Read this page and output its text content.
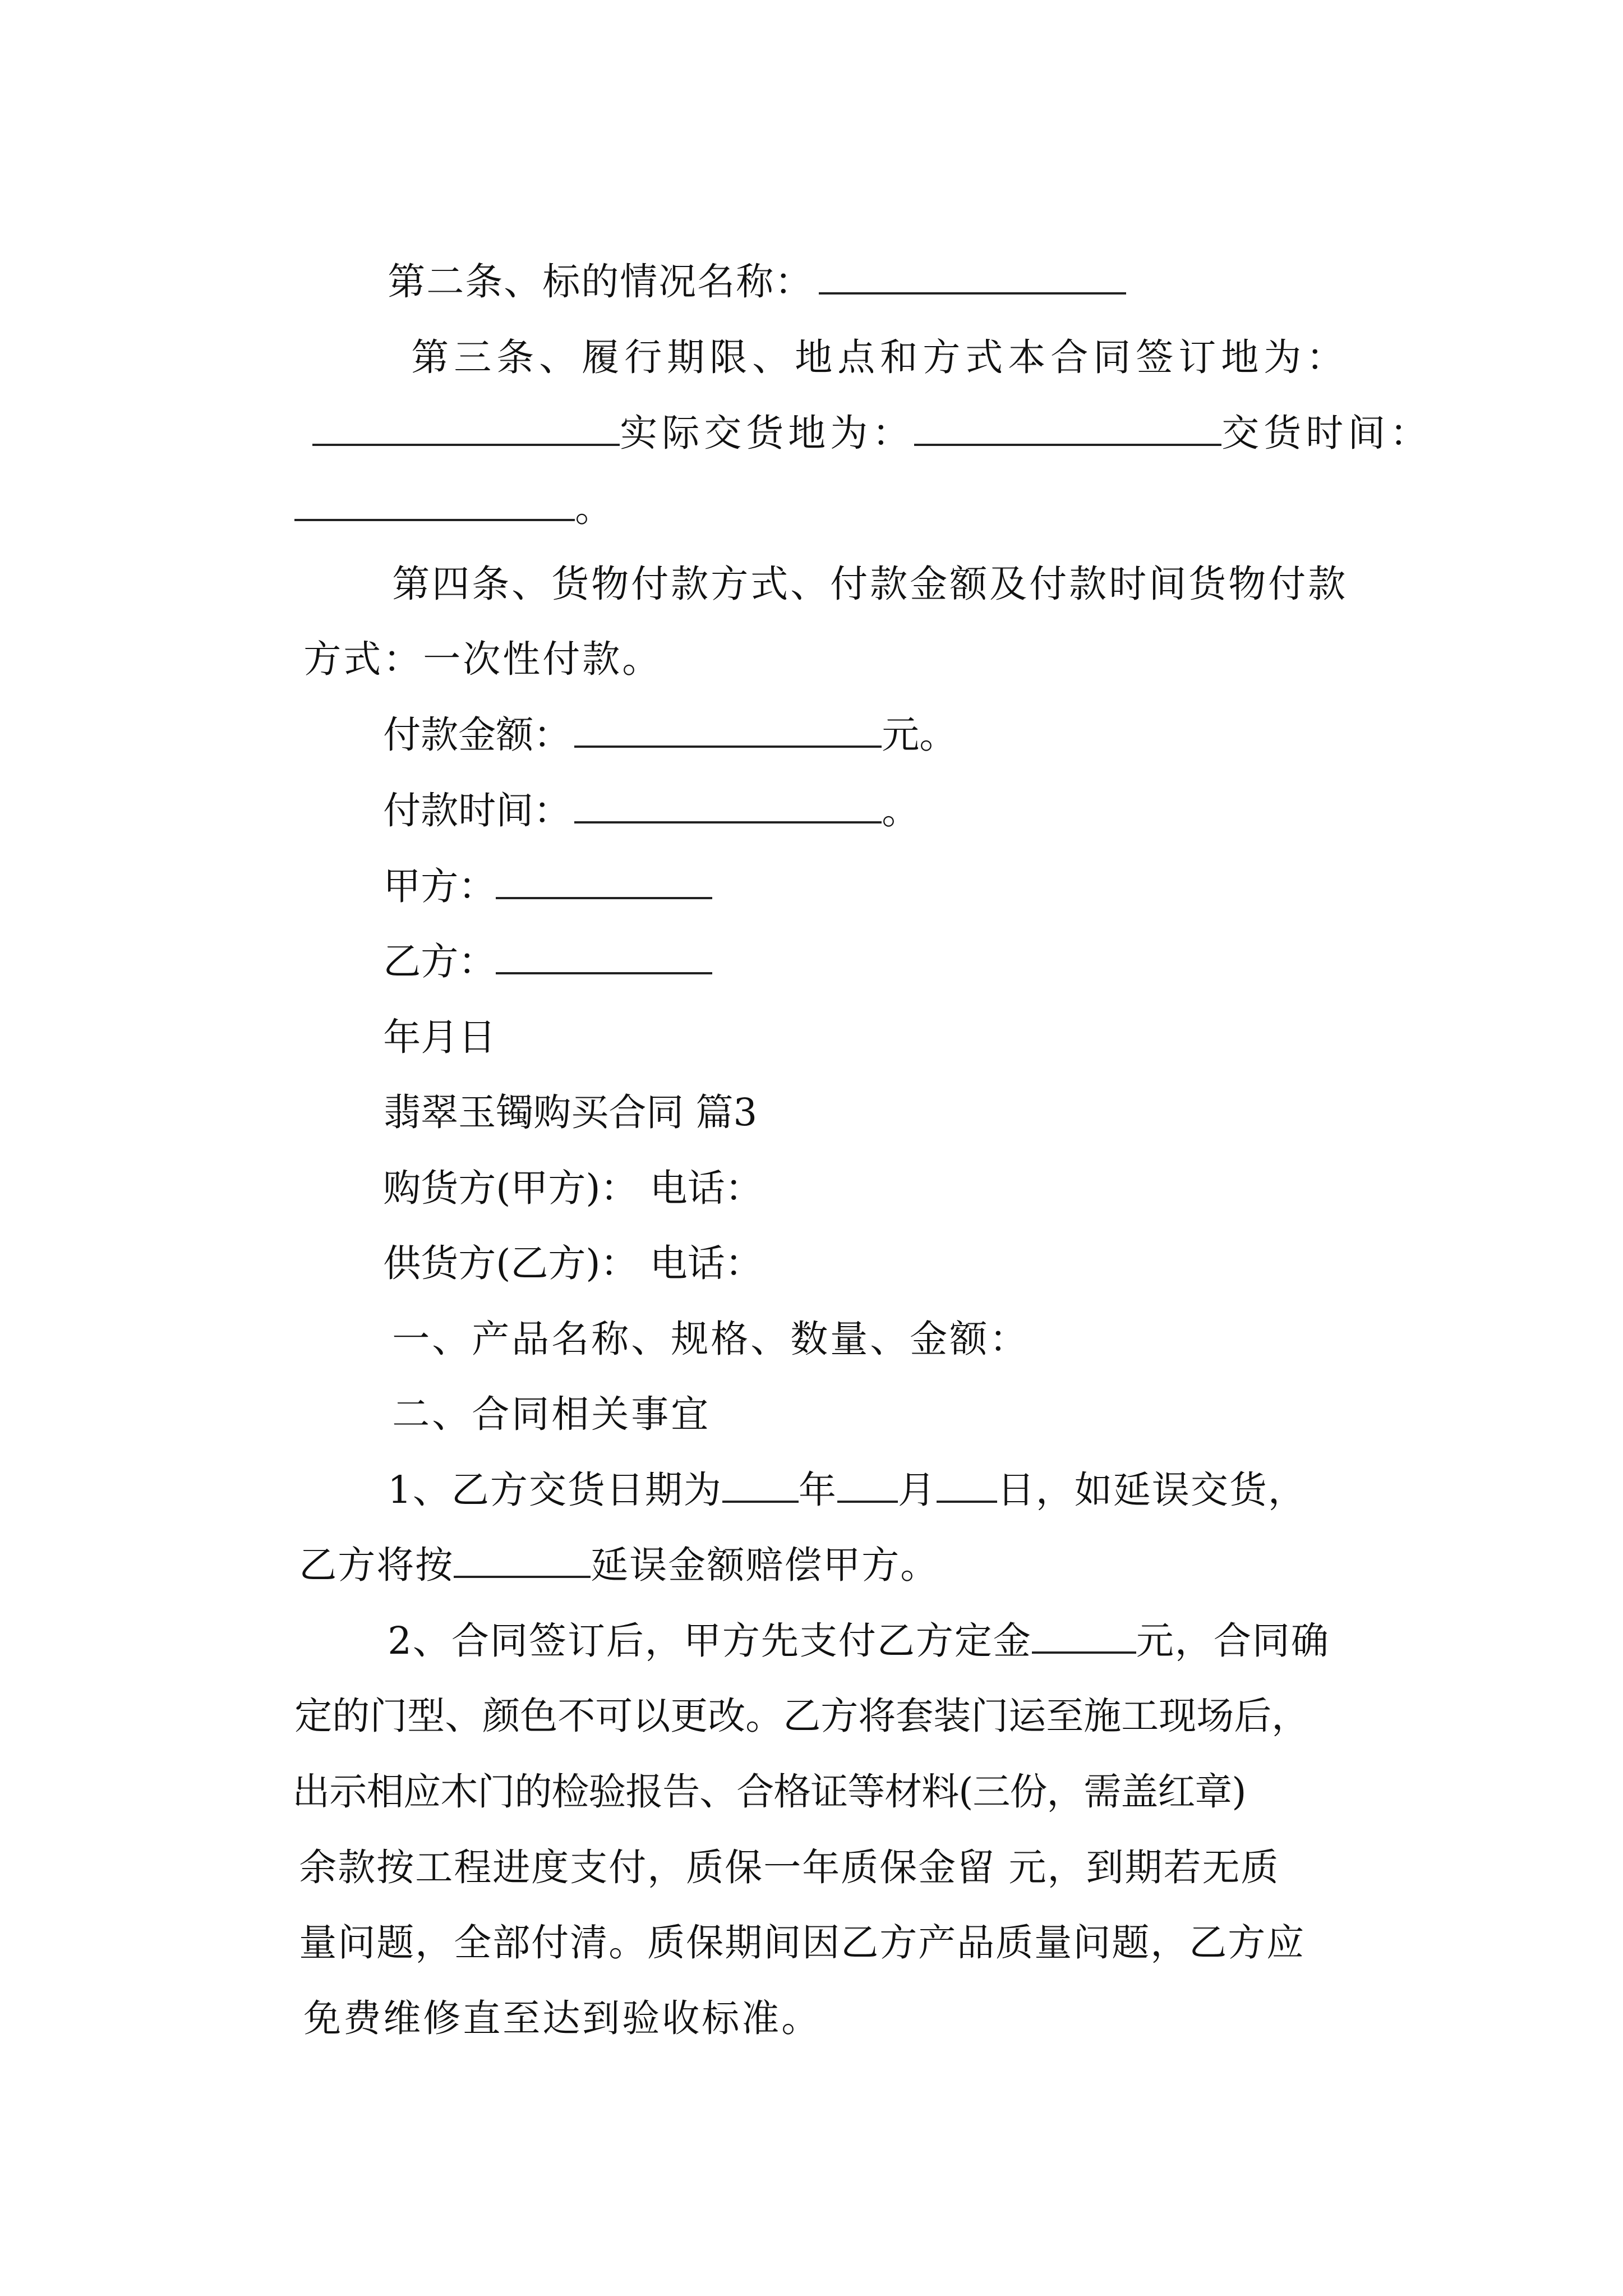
第二条、标的情况名称：

第三条、履行期限、地点和方式本合同签订地为：

实际交货地为：	交货时间：

。

第四条、货物付款方式、付款金额及付款时间货物付款

方式：一次性付款。

付款金额：	元。

付款时间：	。

甲方：

乙方：

年月日

翡翠玉镯购买合同 篇3

购货方(甲方)： 电话：

供货方(乙方)： 电话：

一、产品名称、规格、数量、金额：

二、合同相关事宜

1、乙方交货日期为 年 月 日，如延误交货，

乙方将按	延误金额赔偿甲方。

2、合同签订后，甲方先支付乙方定金	元，合同确

定的门型、颜色不可以更改。乙方将套装门运至施工现场后，

出示相应木门的检验报告、合格证等材料(三份，需盖红章)

余款按工程进度支付，质保一年质保金留 元，到期若无质

量问题，全部付清。质保期间因乙方产品质量问题，乙方应

免费维修直至达到验收标准。
